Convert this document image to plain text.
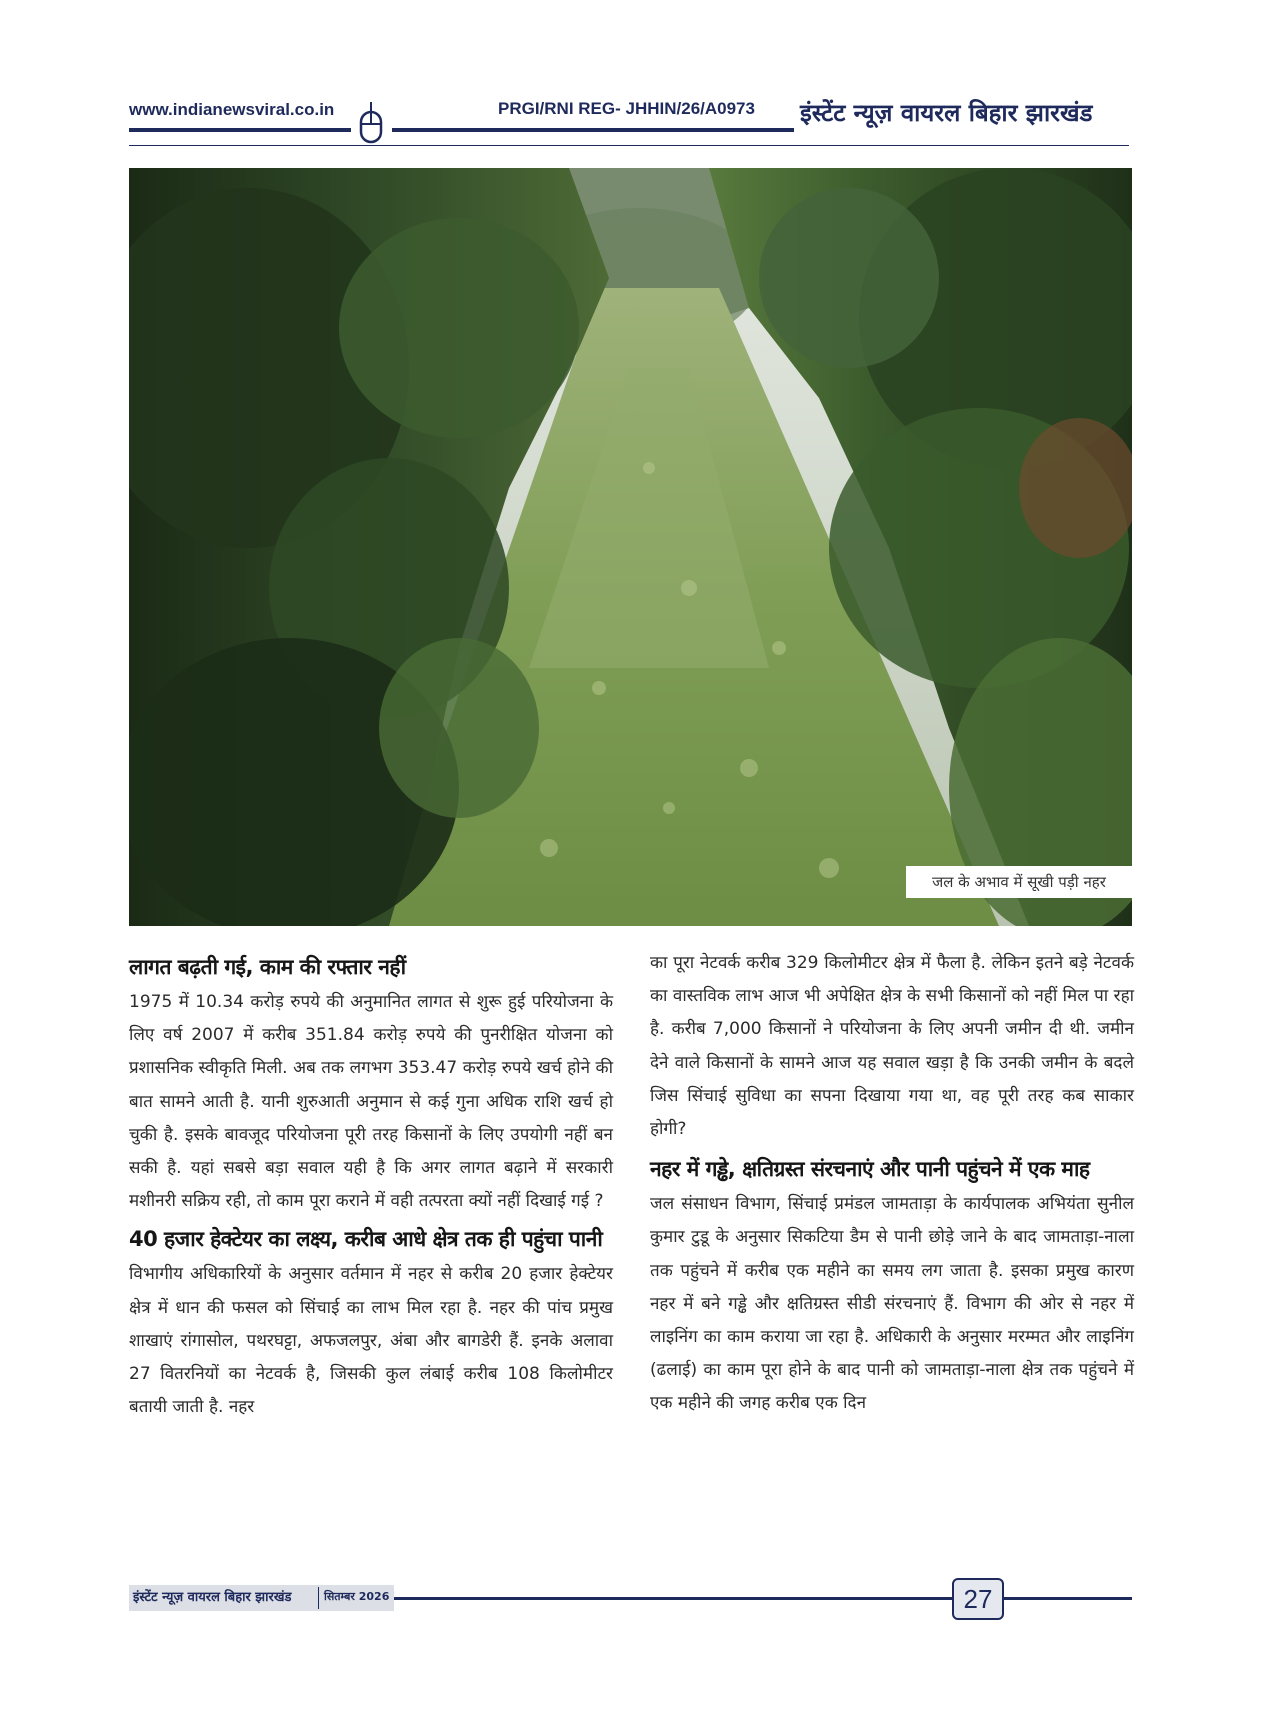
www.indianewsviral.co.in	PRGI/RNI REG- JHHIN/26/A0973 इंस्टेंट न्यूज़ वायरल बिहार झारखंड
जल के अभाव में सूखी पड़ी नहर

लागत बढ़ती गई, काम की रफ्तार नहीं

1975 में 10.34 करोड़ रुपये की अनुमानित लागत से शुरू हुई परियोजना के लिए वर्ष 2007 में करीब 351.84 करोड़ रुपये की पुनरीक्षित योजना को प्रशासनिक स्वीकृति मिली. अब तक लगभग 353.47 करोड़ रुपये खर्च होने की बात सामने आती है. यानी शुरुआती अनुमान से कई गुना अधिक राशि खर्च हो चुकी है. इसके बावजूद परियोजना पूरी तरह किसानों के लिए उपयोगी नहीं बन सकी है. यहां सबसे बड़ा सवाल यही है कि अगर लागत बढ़ाने में सरकारी मशीनरी सक्रिय रही, तो काम पूरा कराने में वही तत्परता क्यों नहीं दिखाई गई ?

40 हजार हेक्टेयर का लक्ष्य, करीब आधे क्षेत्र तक ही पहुंचा पानी

विभागीय अधिकारियों के अनुसार वर्तमान में नहर से करीब 20 हजार हेक्टेयर क्षेत्र में धान की फसल को सिंचाई का लाभ मिल रहा है. नहर की पांच प्रमुख शाखाएं रांगासोल, पथरघट्टा, अफजलपुर, अंबा और बागडेरी हैं. इनके अलावा 27 वितरनियों का नेटवर्क है, जिसकी कुल लंबाई करीब 108 किलोमीटर बतायी जाती है. नहर

का पूरा नेटवर्क करीब 329 किलोमीटर क्षेत्र में फैला है. लेकिन इतने बड़े नेटवर्क का वास्तविक लाभ आज भी अपेक्षित क्षेत्र के सभी किसानों को नहीं मिल पा रहा है. करीब 7,000 किसानों ने परियोजना के लिए अपनी जमीन दी थी. जमीन देने वाले किसानों के सामने आज यह सवाल खड़ा है कि उनकी जमीन के बदले जिस सिंचाई सुविधा का सपना दिखाया गया था, वह पूरी तरह कब साकार होगी?

नहर में गड्ढे, क्षतिग्रस्त संरचनाएं और पानी पहुंचने में एक माह

जल संसाधन विभाग, सिंचाई प्रमंडल जामताड़ा के कार्यपालक अभियंता सुनील कुमार टुडू के अनुसार सिकटिया डैम से पानी छोड़े जाने के बाद जामताड़ा-नाला तक पहुंचने में करीब एक महीने का समय लग जाता है. इसका प्रमुख कारण नहर में बने गड्ढे और क्षतिग्रस्त सीडी संरचनाएं हैं. विभाग की ओर से नहर में लाइनिंग का काम कराया जा रहा है. अधिकारी के अनुसार मरम्मत और लाइनिंग (ढलाई) का काम पूरा होने के बाद पानी को जामताड़ा-नाला क्षेत्र तक पहुंचने में एक महीने की जगह करीब एक दिन

इंस्टेंट न्यूज़ वायरल बिहार झारखंड	सितम्बर 2026	27
